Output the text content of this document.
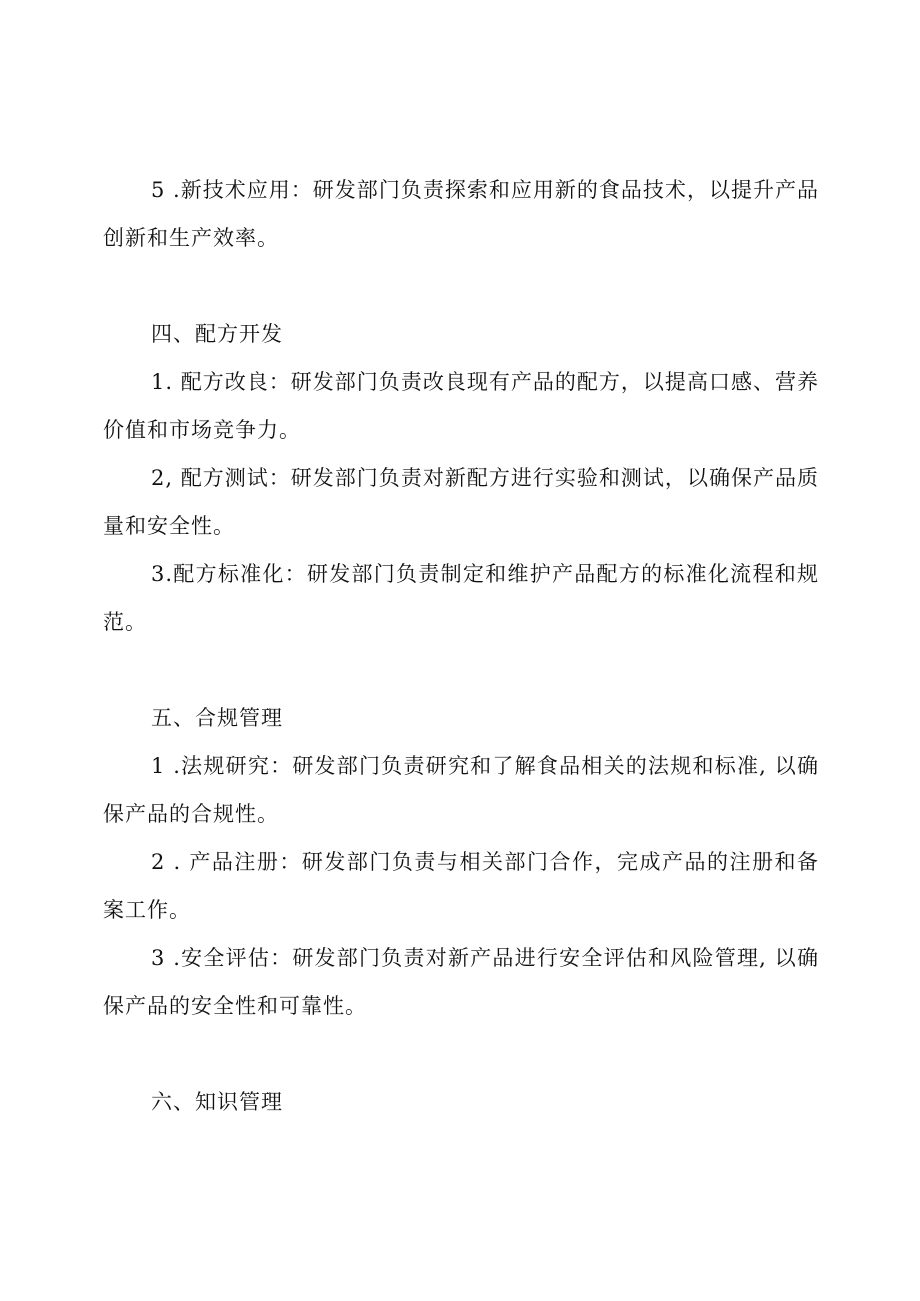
5 .新技术应用：研发部门负责探索和应用新的食品技术，以提升产品创新和生产效率。

四、配方开发

1. 配方改良：研发部门负责改良现有产品的配方，以提高口感、营养价值和市场竞争力。

2, 配方测试：研发部门负责对新配方进行实验和测试，以确保产品质量和安全性。

3.配方标准化：研发部门负责制定和维护产品配方的标准化流程和规范。

五、合规管理

1 .法规研究：研发部门负责研究和了解食品相关的法规和标准, 以确保产品的合规性。

2 . 产品注册：研发部门负责与相关部门合作，完成产品的注册和备案工作。

3 .安全评估：研发部门负责对新产品进行安全评估和风险管理, 以确保产品的安全性和可靠性。

六、知识管理
